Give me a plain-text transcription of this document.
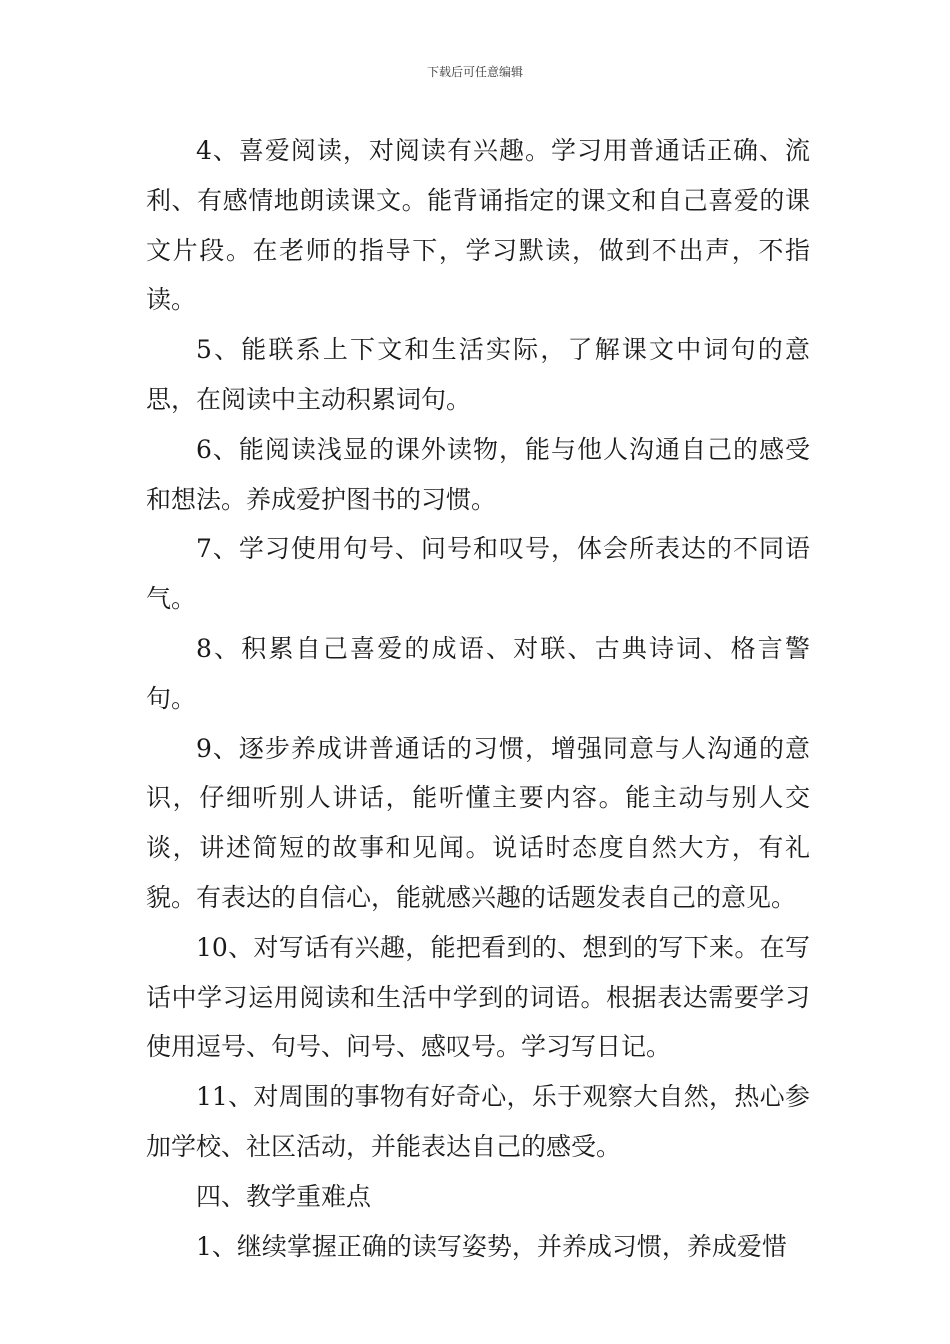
下载后可任意编辑

4、喜爱阅读，对阅读有兴趣。学习用普通话正确、流利、有感情地朗读课文。能背诵指定的课文和自己喜爱的课文片段。在老师的指导下，学习默读，做到不出声，不指读。

5、能联系上下文和生活实际，了解课文中词句的意思，在阅读中主动积累词句。

6、能阅读浅显的课外读物，能与他人沟通自己的感受和想法。养成爱护图书的习惯。

7、学习使用句号、问号和叹号，体会所表达的不同语气。

8、积累自己喜爱的成语、对联、古典诗词、格言警句。

9、逐步养成讲普通话的习惯，增强同意与人沟通的意识，仔细听别人讲话，能听懂主要内容。能主动与别人交谈，讲述简短的故事和见闻。说话时态度自然大方，有礼貌。有表达的自信心，能就感兴趣的话题发表自己的意见。

10、对写话有兴趣，能把看到的、想到的写下来。在写话中学习运用阅读和生活中学到的词语。根据表达需要学习使用逗号、句号、问号、感叹号。学习写日记。

11、对周围的事物有好奇心，乐于观察大自然，热心参加学校、社区活动，并能表达自己的感受。

四、教学重难点

1、继续掌握正确的读写姿势，并养成习惯，养成爱惜
